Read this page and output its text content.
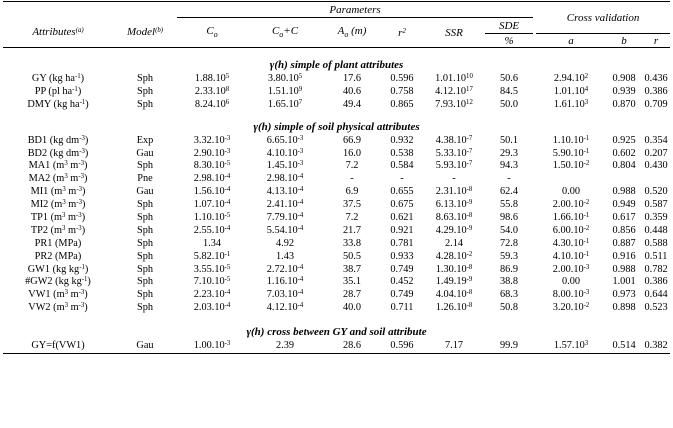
		Parameters							Cross validation		
Attributes$^{(a)}$	Model$^{(b)}$	$C_o$	$C_o+C$	$A_o$ (m)	$r^2$	SSR	SDE				
							%		a	b	r

γ(h) simple of plant attributes											
GY (kg $ha^{-1}$)	Sph	1.88.10$^5$	3.80.10$^5$	17.6	0.596	1.01.10$^{10}$	50.6		2.94.10$^2$	0.908	0.436
PP (pl $ha^{-1}$)	Sph	2.33.10$^8$	1.51.10$^9$	40.6	0.758	4.12.10$^{17}$	84.5		1.01.10$^4$	0.939	0.386
DMY (kg $ha^{-1}$)	Sph	8.24.10$^6$	1.65.10$^7$	49.4	0.865	7.93.10$^{12}$	50.0		1.61.10$^3$	0.870	0.709

γ(h) simple of soil physical attributes											
BD1 (kg $dm^{-3}$)	Exp	$3.32.10^{-3}$	$6.65.10^{-3}$	66.9	0.932	$4.38.10^{-7}$	50.1		$1.10.10^{-1}$	0.925	0.354
BD2 (kg $dm^{-3}$)	Gau	$2.90.10^{-3}$	$4.10.10^{-3}$	16.0	0.538	$5.33.10^{-7}$	29.3		$5.90.10^{-1}$	0.602	0.207
MA1 ($m^3$ $m^{-3}$)	Sph	$8.30.10^{-5}$	$1.45.10^{-3}$	7.2	0.584	$5.93.10^{-7}$	94.3		$1.50.10^{-2}$	0.804	0.430
MA2 ($m^3$ $m^{-3}$)	Pne	$2.98.10^{-4}$	$2.98.10^{-4}$	-	-	-	-				
MI1 ($m^3$ $m^{-3}$)	Gau	$1.56.10^{-4}$	$4.13.10^{-4}$	6.9	0.655	$2.31.10^{-8}$	62.4		0.00	0.988	0.520
MI2 ($m^3$ $m^{-3}$)	Sph	$1.07.10^{-4}$	$2.41.10^{-4}$	37.5	0.675	$6.13.10^{-9}$	55.8		$2.00.10^{-2}$	0.949	0.587
TP1 ($m^3$ $m^{-3}$)	Sph	$1.10.10^{-5}$	$7.79.10^{-4}$	7.2	0.621	$8.63.10^{-8}$	98.6		$1.66.10^{-1}$	0.617	0.359
TP2 ($m^3$ $m^{-3}$)	Sph	$2.55.10^{-4}$	$5.54.10^{-4}$	21.7	0.921	$4.29.10^{-9}$	54.0		$6.00.10^{-2}$	0.856	0.448
PR1 (MPa)	Sph	1.34	4.92	33.8	0.781	2.14	72.8		$4.30.10^{-1}$	0.887	0.588
PR2 (MPa)	Sph	$5.82.10^{-1}$	1.43	50.5	0.933	$4.28.10^{-2}$	59.3		$4.10.10^{-1}$	0.916	0.511
GW1 (kg $kg^{-1}$)	Sph	$3.55.10^{-5}$	$2.72.10^{-4}$	38.7	0.749	$1.30.10^{-8}$	86.9		$2.00.10^{-3}$	0.988	0.782
#GW2 (kg $kg^{-1}$)	Sph	$7.10.10^{-5}$	$1.16.10^{-4}$	35.1	0.452	$1.49.19^{-9}$	38.8		0.00	1.001	0.386
VW1 ($m^3$ $m^{-3}$)	Sph	$2.23.10^{-4}$	$7.03.10^{-4}$	28.7	0.749	$4.04.10^{-8}$	68.3		$8.00.10^{-3}$	0.973	0.644
VW2 ($m^3$ $m^{-3}$)	Sph	$2.03.10^{-4}$	$4.12.10^{-4}$	40.0	0.711	$1.26.10^{-8}$	50.8		$3.20.10^{-2}$	0.898	0.523

γ(h) cross between GY and soil attribute											
GY=f(VW1)	Gau	$1.00.10^{-3}$	2.39	28.6	0.596	7.17	99.9		1.57.10$^3$	0.514	0.382
